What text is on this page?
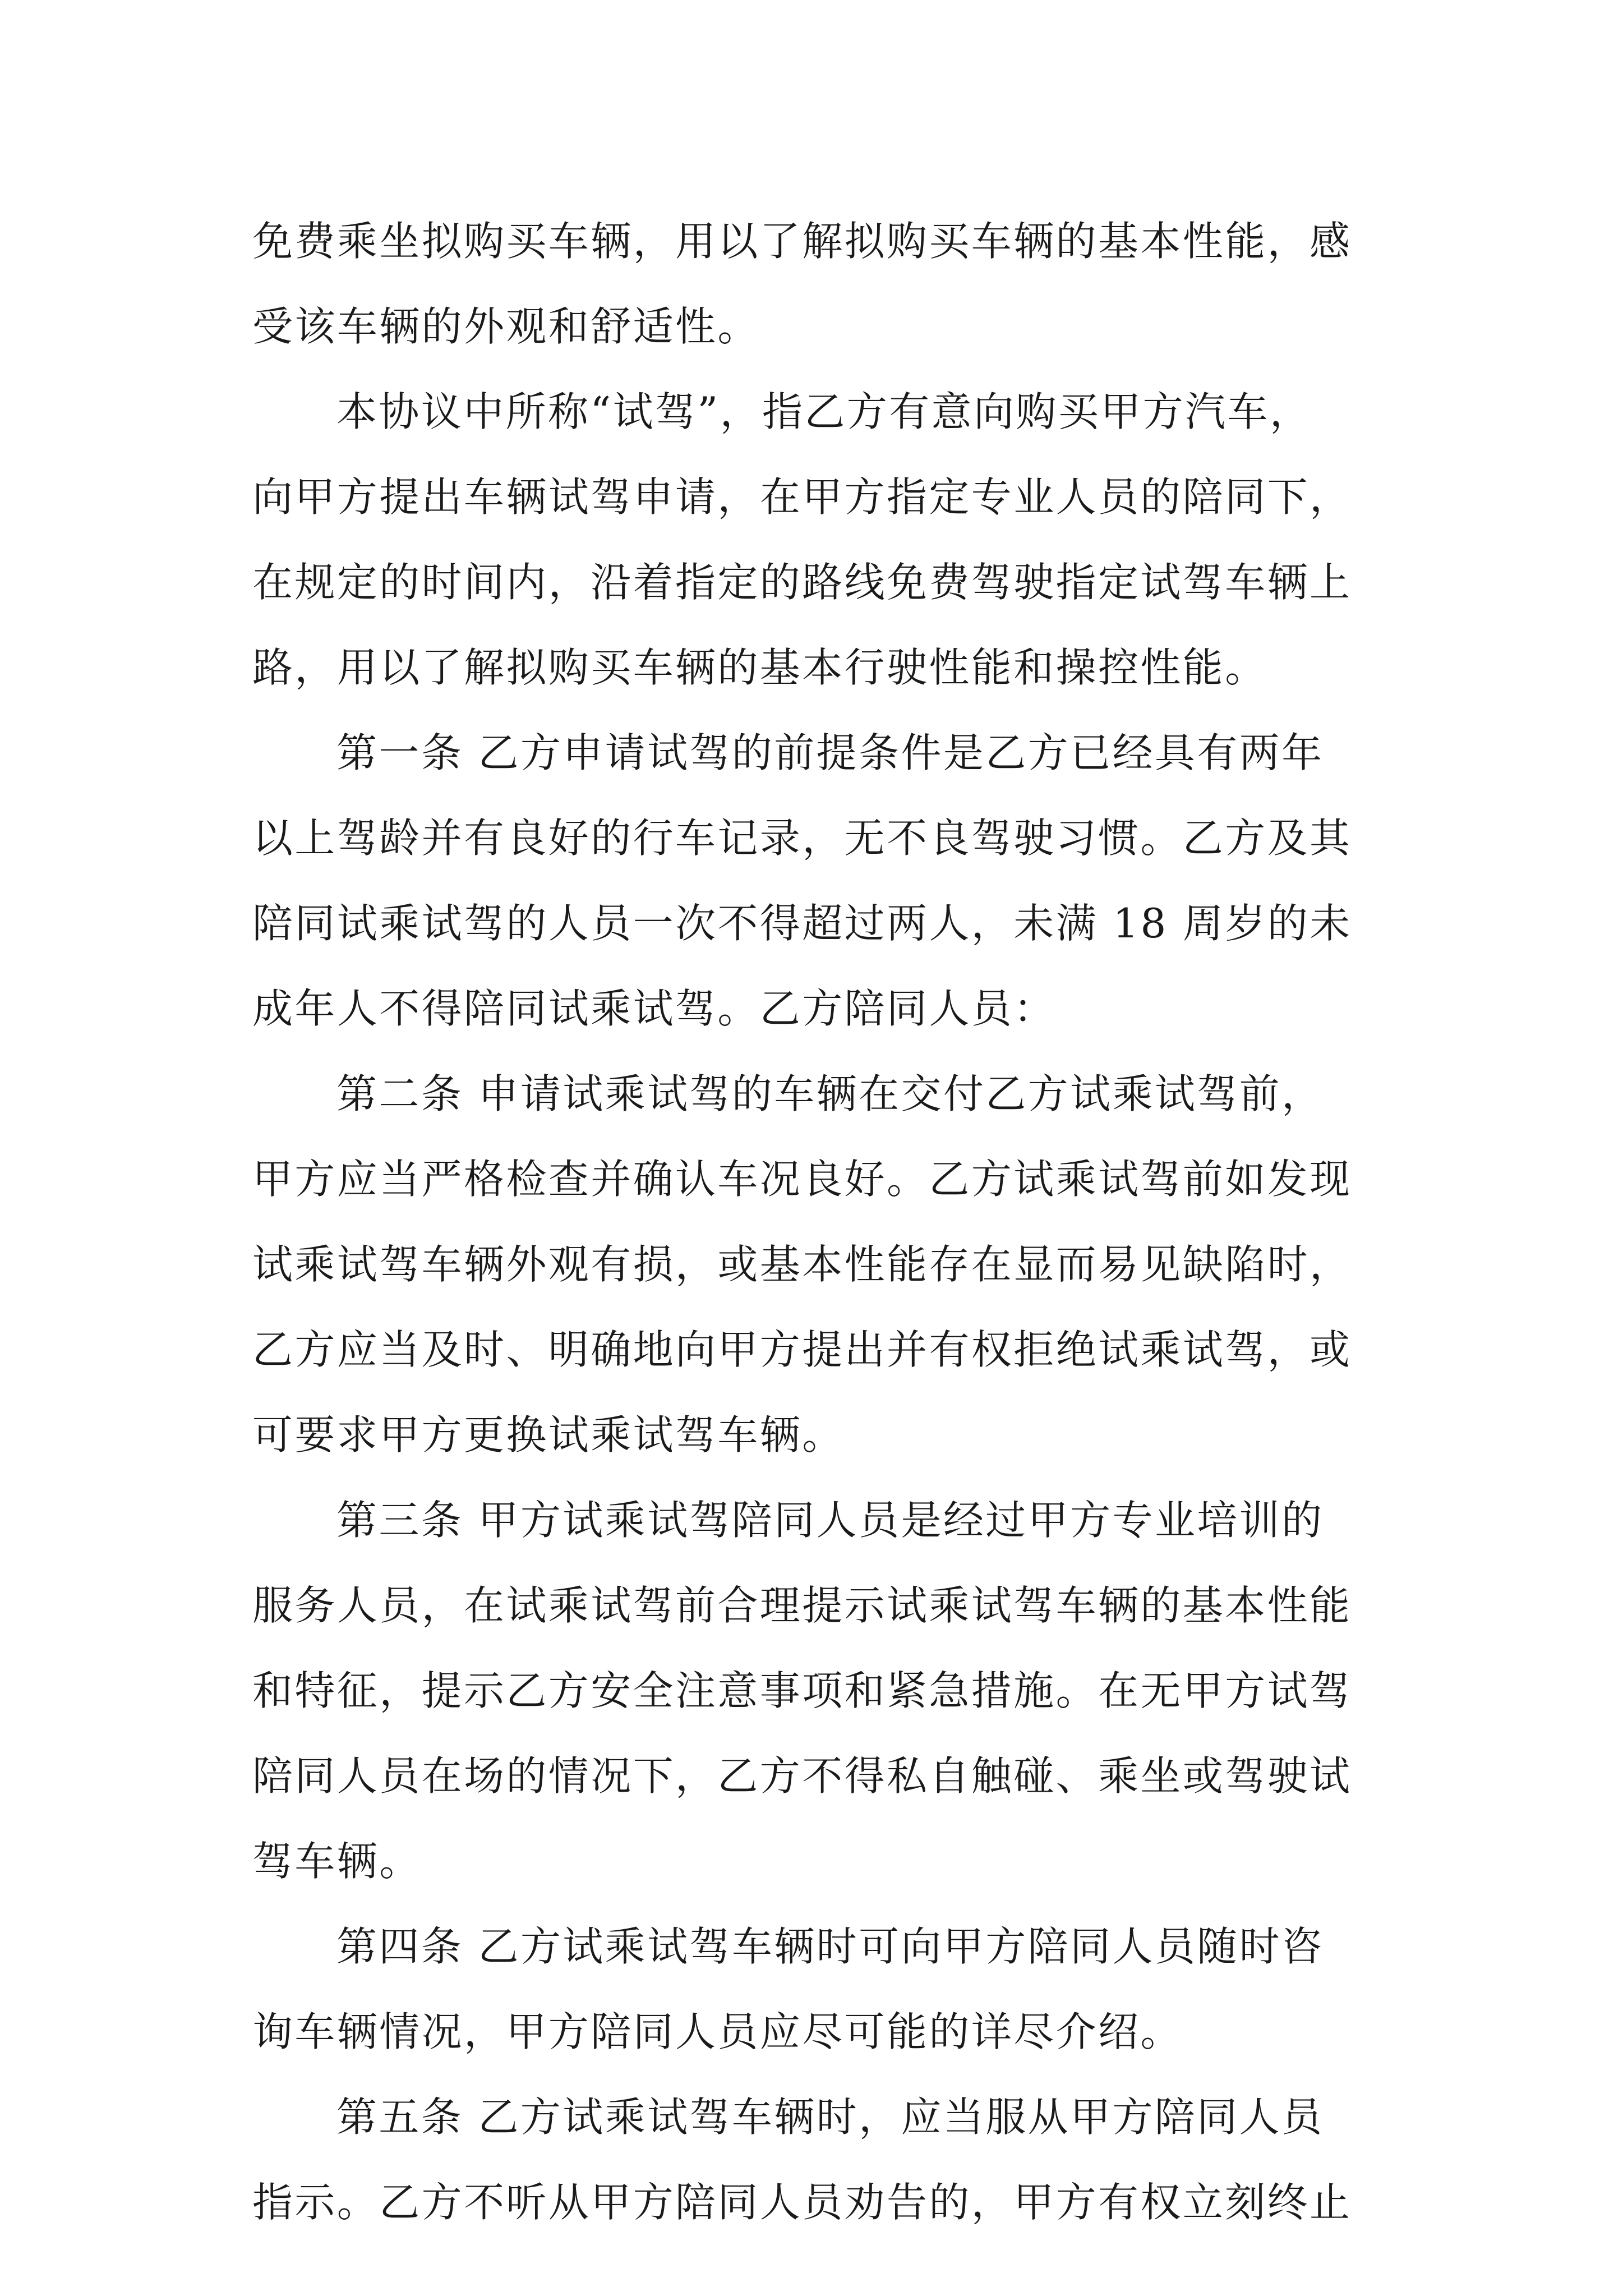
免费乘坐拟购买车辆，用以了解拟购买车辆的基本性能，感
受该车辆的外观和舒适性。
本协议中所称“试驾”，指乙方有意向购买甲方汽车，
向甲方提出车辆试驾申请，在甲方指定专业人员的陪同下，
在规定的时间内，沿着指定的路线免费驾驶指定试驾车辆上
路，用以了解拟购买车辆的基本行驶性能和操控性能。
第一条 乙方申请试驾的前提条件是乙方已经具有两年
以上驾龄并有良好的行车记录，无不良驾驶习惯。乙方及其
陪同试乘试驾的人员一次不得超过两人，未满 18 周岁的未
成年人不得陪同试乘试驾。乙方陪同人员：
第二条 申请试乘试驾的车辆在交付乙方试乘试驾前，
甲方应当严格检查并确认车况良好。乙方试乘试驾前如发现
试乘试驾车辆外观有损，或基本性能存在显而易见缺陷时，
乙方应当及时、明确地向甲方提出并有权拒绝试乘试驾，或
可要求甲方更换试乘试驾车辆。
第三条 甲方试乘试驾陪同人员是经过甲方专业培训的
服务人员，在试乘试驾前合理提示试乘试驾车辆的基本性能
和特征，提示乙方安全注意事项和紧急措施。在无甲方试驾
陪同人员在场的情况下，乙方不得私自触碰、乘坐或驾驶试
驾车辆。
第四条 乙方试乘试驾车辆时可向甲方陪同人员随时咨
询车辆情况，甲方陪同人员应尽可能的详尽介绍。
第五条 乙方试乘试驾车辆时，应当服从甲方陪同人员
指示。乙方不听从甲方陪同人员劝告的，甲方有权立刻终止
